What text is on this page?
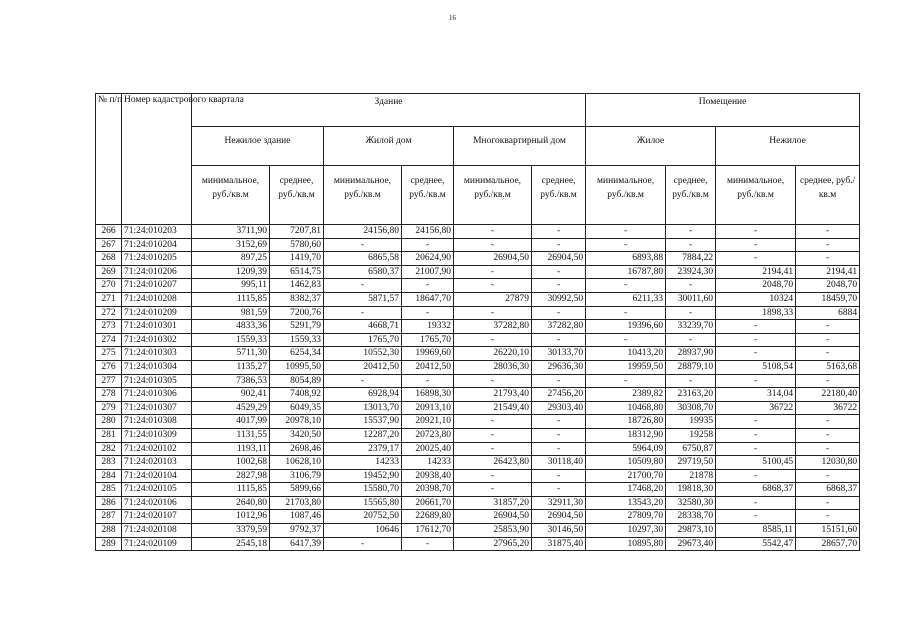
16
№ п/п	Номер кадастрового квартала	Здание						Помещение			
		Нежилое здание		Жилой дом		Многоквартирный дом		Жилое		Нежилое	
		минимальное, руб./кв.м	среднее, руб./кв.м	минимальное, руб./кв.м	среднее, руб./кв.м	минимальное, руб./кв.м	среднее, руб./кв.м	минимальное, руб./кв.м	среднее, руб./кв.м	минимальное, руб./кв.м	среднее, руб./кв.м
266	71:24:010203	3711,90	7207,81	24156,80	24156,80	-	-	-	-	-	-
267	71:24:010204	3152,69	5780,60	-	-	-	-	-	-	-	-
268	71:24:010205	897,25	1419,70	6865,58	20624,90	26904,50	26904,50	6893,88	7884,22	-	-
269	71:24:010206	1209,39	6514,75	6580,37	21007,90	-	-	16787,80	23924,30	2194,41	2194,41
270	71:24:010207	995,11	1462,83	-	-	-	-	-	-	2048,70	2048,70
271	71:24:010208	1115,85	8382,37	5871,57	18647,70	27879	30992,50	6211,33	30011,60	10324	18459,70
272	71:24:010209	981,59	7200,76	-	-	-	-	-	-	1898,33	6884
273	71:24:010301	4833,36	5291,79	4668,71	19332	37282,80	37282,80	19396,60	33239,70	-	-
274	71:24:010302	1559,33	1559,33	1765,70	1765,70	-	-	-	-	-	-
275	71:24:010303	5711,30	6254,34	10552,30	19969,60	26220,10	30133,70	10413,20	28937,90	-	-
276	71:24:010304	1135,27	10995,50	20412,50	20412,50	28036,30	29636,30	19959,50	28879,10	5108,54	5163,68
277	71:24:010305	7386,53	8054,89	-	-	-	-	-	-	-	-
278	71:24:010306	902,41	7408,92	6928,94	16898,30	21793,40	27456,20	2389,82	23163,20	314,04	22180,40
279	71:24:010307	4529,29	6049,35	13013,70	20913,10	21549,40	29303,40	10468,80	30308,70	36722	36722
280	71:24:010308	4017,99	20978,10	15537,90	20921,10	-	-	18726,80	19935	-	-
281	71:24:010309	1131,55	3420,50	12287,20	20723,80	-	-	18312,90	19258	-	-
282	71:24:020102	1193,11	2698,46	2379,17	20025,40	-	-	5964,09	6750,87	-	-
283	71:24:020103	1002,68	10628,10	14233	14233	26423,80	30118,40	10509,80	29719,50	5100,45	12030,80
284	71:24:020104	2827,98	3106,79	19452,90	20938,40	-	-	21700,70	21878	-	-
285	71:24:020105	1115,85	5899,66	15580,70	20398,70	-	-	17468,20	19818,30	6868,37	6868,37
286	71:24:020106	2640,80	21703,80	15565,80	20661,70	31857,20	32911,30	13543,20	32580,30	-	-
287	71:24:020107	1012,96	1087,46	20752,50	22689,80	26904,50	26904,50	27809,70	28338,70	-	-
288	71:24:020108	3379,59	9792,37	10646	17612,70	25853,90	30146,50	10297,30	29873,10	8585,11	15151,60
289	71:24:020109	2545,18	6417,39	-	-	27965,20	31875,40	10895,80	29673,40	5542,47	28657,70
